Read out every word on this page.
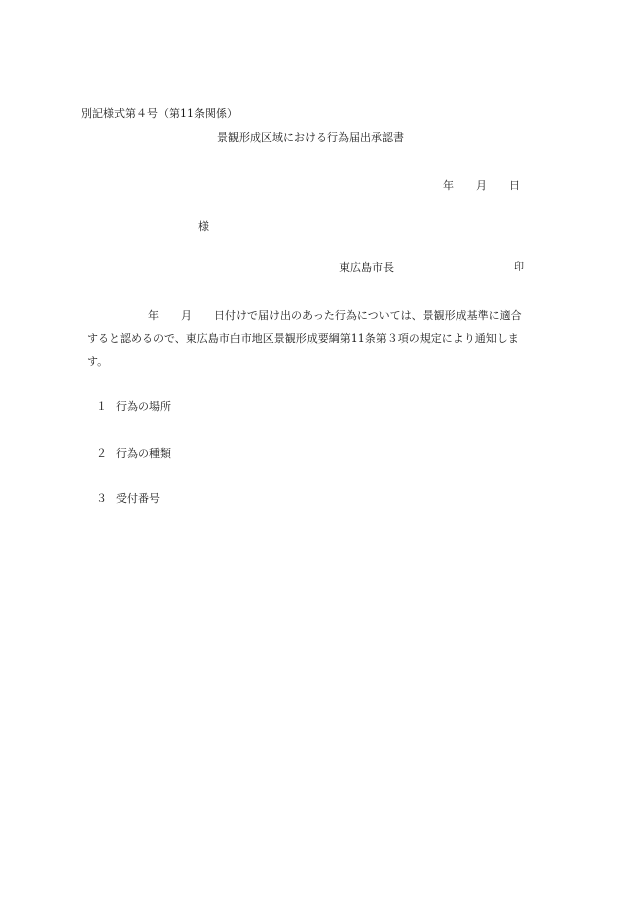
別記様式第４号（第11条関係）
景観形成区域における行為届出承認書
年 月 日
様
東広島市長	印

年 月 日付けで届け出のあった行為については、景観形成基準に適合

すると認めるので、東広島市白市地区景観形成要綱第11条第３項の規定により通知しま

す。

１ 行為の場所
２ 行為の種類
３ 受付番号
